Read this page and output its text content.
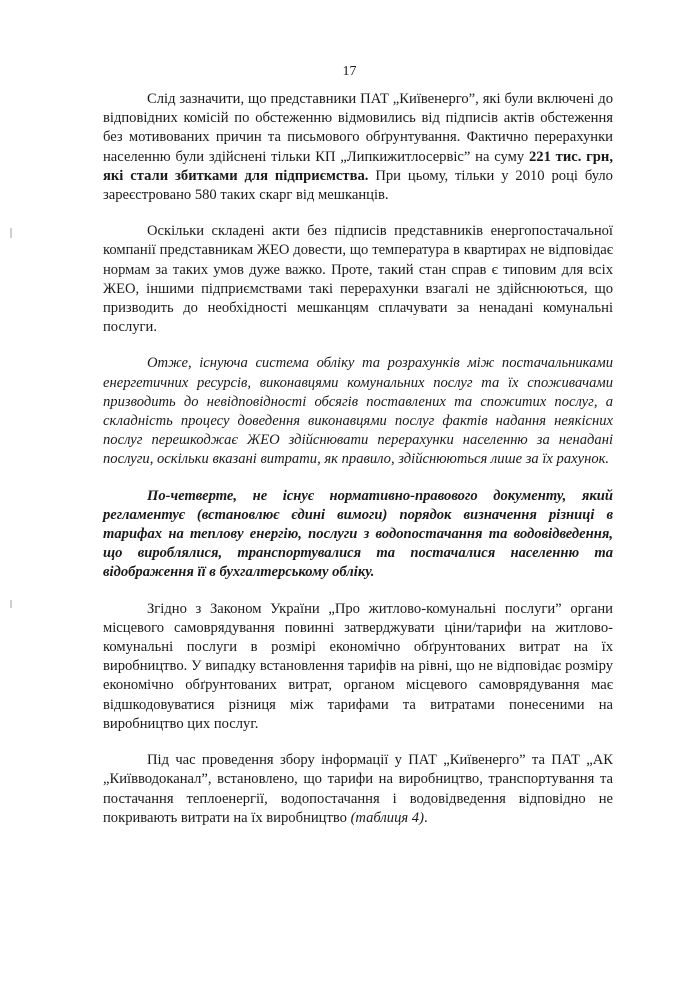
17

Слід зазначити, що представники ПАТ „Київенерго”, які були включені до відповідних комісій по обстеженню відмовились від підписів актів обстеження без мотивованих причин та письмового обґрунтування. Фактично перерахунки населенню були здійснені тільки КП „Липкижитлосервіс” на суму 221 тис. грн, які стали збитками для підприємства. При цьому, тільки у 2010 році було зареєстровано 580 таких скарг від мешканців.

Оскільки складені акти без підписів представників енергопостачальної компанії представникам ЖЕО довести, що температура в квартирах не відповідає нормам за таких умов дуже важко. Проте, такий стан справ є типовим для всіх ЖЕО, іншими підприємствами такі перерахунки взагалі не здійснюються, що призводить до необхідності мешканцям сплачувати за ненадані комунальні послуги.

Отже, існуюча система обліку та розрахунків між постачальниками енергетичних ресурсів, виконавцями комунальних послуг та їх споживачами призводить до невідповідності обсягів поставлених та спожитих послуг, а складність процесу доведення виконавцями послуг фактів надання неякісних послуг перешкоджає ЖЕО здійснювати перерахунки населенню за ненадані послуги, оскільки вказані витрати, як правило, здійснюються лише за їх рахунок.

По-четверте, не існує нормативно-правового документу, який регламентує (встановлює єдині вимоги) порядок визначення різниці в тарифах на теплову енергію, послуги з водопостачання та водовідведення, що вироблялися, транспортувалися та постачалися населенню та відображення її в бухгалтерському обліку.

Згідно з Законом України „Про житлово-комунальні послуги” органи місцевого самоврядування повинні затверджувати ціни/тарифи на житлово-комунальні послуги в розмірі економічно обґрунтованих витрат на їх виробництво. У випадку встановлення тарифів на рівні, що не відповідає розміру економічно обґрунтованих витрат, органом місцевого самоврядування має відшкодовуватися різниця між тарифами та витратами понесеними на виробництво цих послуг.

Під час проведення збору інформації у ПАТ „Київенерго” та ПАТ „АК „Київводоканал”, встановлено, що тарифи на виробництво, транспортування та постачання теплоенергії, водопостачання і водовідведення відповідно не покривають витрати на їх виробництво (таблиця 4).
